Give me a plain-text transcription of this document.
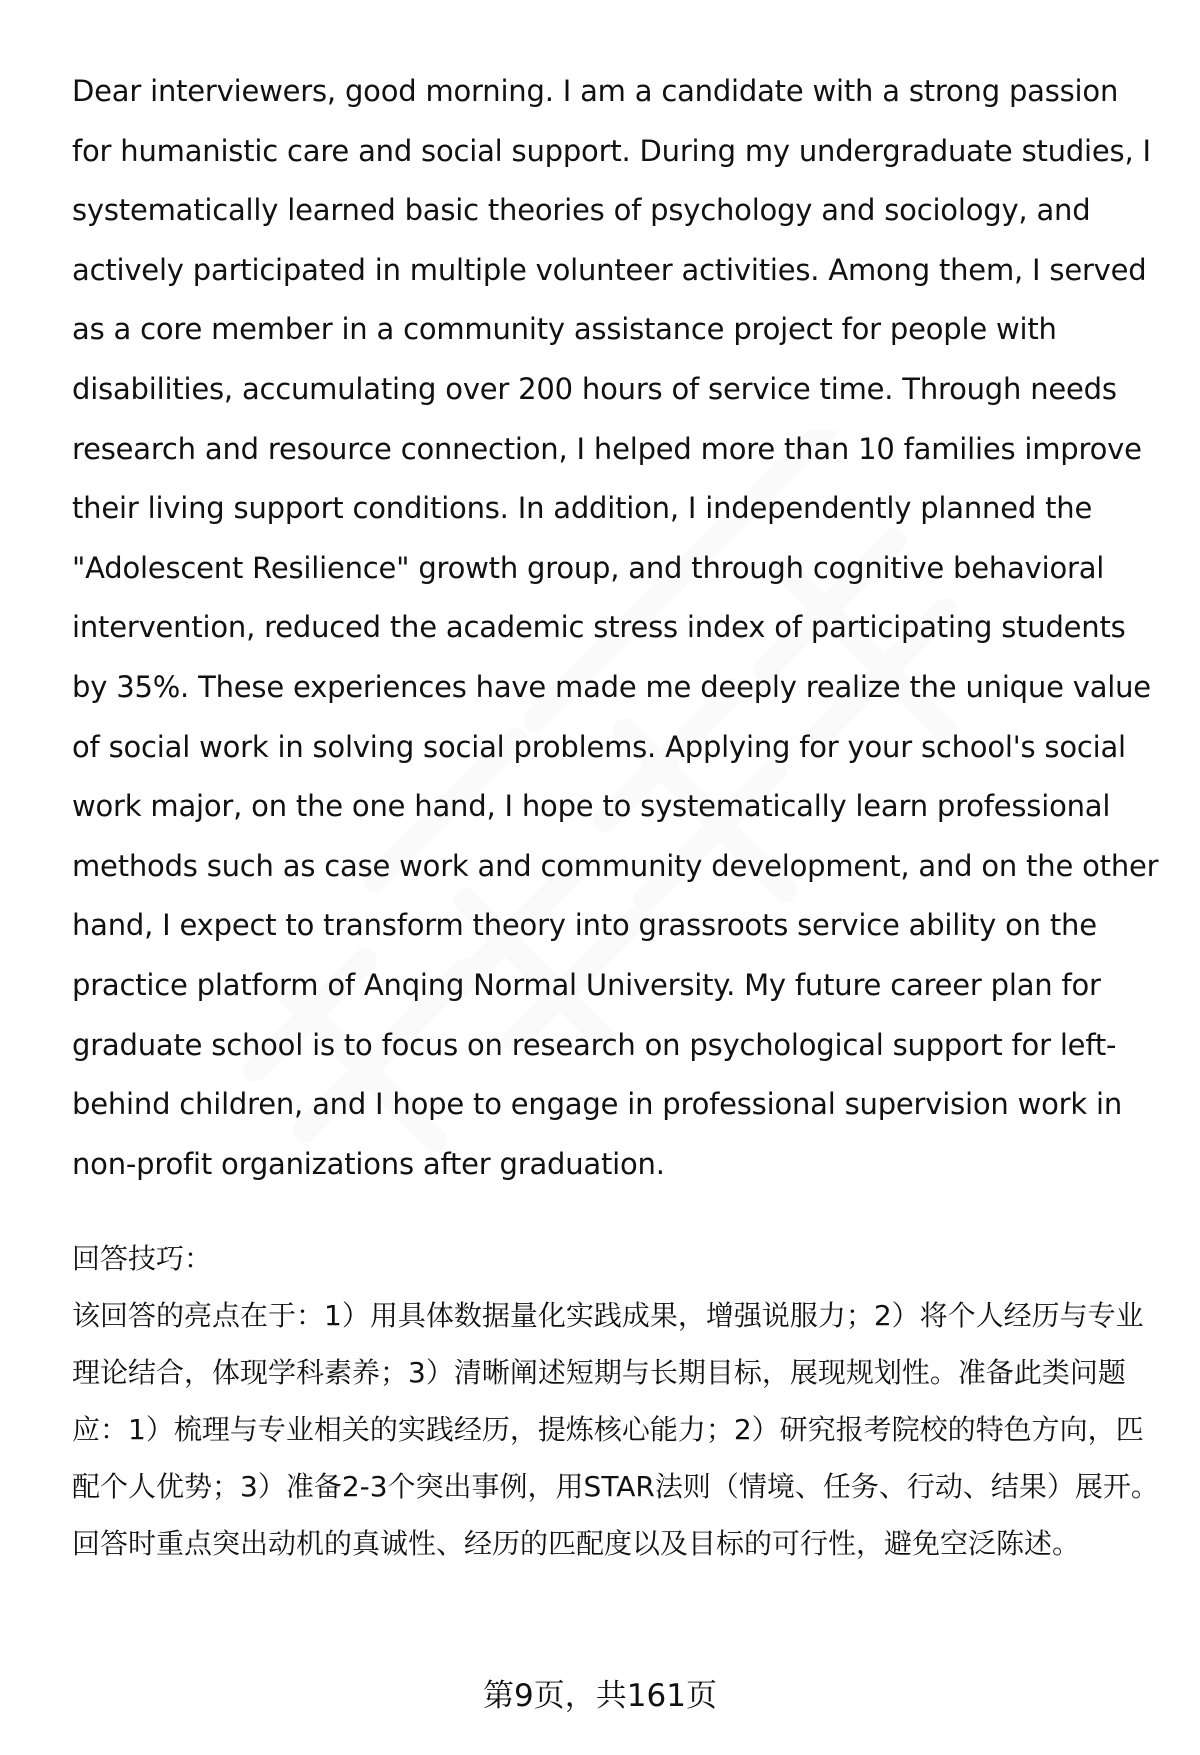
Dear interviewers, good morning. I am a candidate with a strong passion for humanistic care and social support. During my undergraduate studies, I systematically learned basic theories of psychology and sociology, and actively participated in multiple volunteer activities. Among them, I served as a core member in a community assistance project for people with disabilities, accumulating over 200 hours of service time. Through needs research and resource connection, I helped more than 10 families improve their living support conditions. In addition, I independently planned the "Adolescent Resilience" growth group, and through cognitive behavioral intervention, reduced the academic stress index of participating students by 35%. These experiences have made me deeply realize the unique value of social work in solving social problems. Applying for your school's social work major, on the one hand, I hope to systematically learn professional methods such as case work and community development, and on the other hand, I expect to transform theory into grassroots service ability on the practice platform of Anqing Normal University. My future career plan for graduate school is to focus on research on psychological support for left-behind children, and I hope to engage in professional supervision work in non-profit organizations after graduation.

回答技巧：

该回答的亮点在于：1）用具体数据量化实践成果，增强说服力；2）将个人经历与专业理论结合，体现学科素养；3）清晰阐述短期与长期目标，展现规划性。准备此类问题应：1）梳理与专业相关的实践经历，提炼核心能力；2）研究报考院校的特色方向，匹配个人优势；3）准备2-3个突出事例，用STAR法则（情境、任务、行动、结果）展开。回答时重点突出动机的真诚性、经历的匹配度以及目标的可行性，避免空泛陈述。

第9页，共161页
